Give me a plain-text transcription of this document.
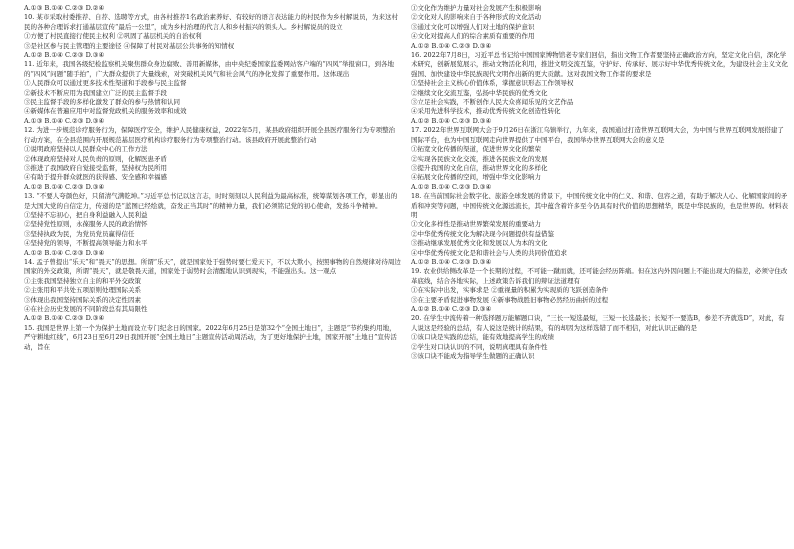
A.①③ B.①④ C.②③ D.②④

10. 某市采取村委推荐、自荐、选聘等方式，由各村推荐1名政治素养好、有较好的语言表达能力的村民作为乡村解说员，为来这村民的各种合理诉求打通基层宣传“最后一公里”，成为乡村治理的代言人和乡村振兴的领头人。乡村解说员的设立

①方便了村民直接行使民主权利 ②巩固了基层机关的自治权利

③是社区参与民主管理的主要途径 ④保障了村民对基层公共事务的知情权

A.①② B.①④ C.②③ D.③④

11. 近年来，我国各级纪检监察机关聚焦群众身边腐败、善用新媒体，由中央纪委国家监委网站客户端的“四风”举报窗口，到各地的“四风”问题“随手拍”，广大群众提供了大量线索，对突破机关风气和社会风气的净化发挥了重要作用。这体现出

①人民群众可以通过更多技术性渠道和手段参与民主监督

②新技术不断应用为我国建立广泛的民主监督手段

③民主监督手段的多样化激发了群众的参与热情和认同

④新媒体在普遍应用中对监督党政机关的服务效率和成效

A.①③ B.①④ C.②③ D.③④

12. 为进一步规范诊疗服务行为，保障医疗安全，维护人民健康权益，2022年5月，某县政府组织开展全县医疗服务行为专项整治行动方案，在全县范围内开展规范基层医疗机构诊疗服务行为专项整治行动。该县政府开展此整治行动

①说明政府坚持以人民群众中心的工作方法

②体现政府坚持对人民负责的原则，化解医患矛盾

③推进了我国政府自觉接受监督，坚持权为民所用

④有助于提升群众就医的获得感、安全感和幸福感

A.①② B.①④ C.②③ D.③④

13. “不要人夸颜色好，只留清气满乾坤。”习近平总书记以这言志，时时刻刻以人民利益为最高标准，统筹谋划各项工作，彰显出的是大国大党的自信定力，传递的是“蓝图已经绘就，奋发正当其时”的精神力量，我们必须铭记党的初心使命，发扬斗争精神。

①坚持不忘初心，把自身利益融入人民利益

②坚持党性原则，永葆服务人民的政治情怀

③坚持执政为民，为党员党员赢得信任

④坚持党的领导，不断提高领导能力和水平

A.①② B.①④ C.②③ D.③④

14. 孟子曾提出“乐天”和“畏天”的思想。所谓“乐天”，就是国家处于强势时要仁爱天下，不以大欺小，按照事物的自然规律对待周边国家的外交政策，所谓“畏天”，就是敬畏天道，国家处于弱势时会清醒地认识到现实，不能强出头。这一观点

①主张我国坚持独立自主的和平外交政策

②主张用和平共处五项原则处理国际关系

③体现出我国坚持国际关系的决定性因素

④在社会历史发展的不同阶段总有其局限性

A.①② B.①④ C.②③ D.③④

15. 我国是世界上第一个为保护土地而设立专门纪念日的国家。2022年6月25日是第32个“全国土地日”，主题是“节约集约用地，严守耕地红线”，6月23日至6月29日我国开展“全国土地日”主题宣传活动周活动，为了更好地保护土地，国家开展“土地日”宣传活动，旨在

①文化作为维护力量对社会发展产生积极影响

②文化对人的影响来自于各种形式的文化活动

③通过文化可以增强人们对土地的保护意识

④文化对提高人们的综合素质有重要的作用

A.①② B.①④ C.②③ D.③④

16. 2022年7月8日，习近平总书记给中国国家博物馆老专家们回信，指出文物工作者要坚持正确政治方向，坚定文化自信，深化学术研究，创新展览展示，推动文物活化利用，推进文明交流互鉴，守护好、传承好、展示好中华优秀传统文化，为建设社会主义文化强国、加快建设中华民族现代文明作出新的更大贡献。这对我国文物工作者的要求是

①坚持社会主义核心价值体系，掌握意识形态工作领导权

②继续文化交流互鉴，弘扬中华民族的优秀文化

③立足社会实践，不断创作人民大众喜闻乐见的文艺作品

④采用先进科学技术，推动优秀传统文化创造性转化

A.①② B.①④ C.②③ D.③④

17. 2022年世界互联网大会于9月26日在浙江乌镇举行，九年来，我国通过打造世界互联网大会，为中国与世界互联网发展搭建了国际平台，也为中国互联网走向世界提供了中国平台，我国举办世界互联网大会的意义是

①拓宽文化传播的渠道，促进世界文化的繁荣

②实现各民族文化交流，推进各民族文化的发展

③提升我国的文化自信，推动世界文化的多样化

④拓展文化传播的空间，增强中华文化影响力

A.①② B.①④ C.②③ D.③④

18. 在当前国际社会数字化、旅游全球发展的背景下，中国传统文化中的仁义、和谐、包容之道，有助于解决人心、化解国家间的矛盾和冲突等问题，中国传统文化源远流长，其中蕴含着许多至今仍具有时代价值的思想精华，既是中华民族的，也是世界的。材料表明

①文化多样性是推动世界繁荣发展的重要动力

②中华优秀传统文化为解决现今问题提供有益借鉴

③推动继承发展优秀文化和发展以人为本的文化

④中华优秀传统文化是和谐社会与人类的共同价值追求

A.①② B.①④ C.②③ D.③④

19. 农业供给侧改革是一个长期的过程，不可能一蹴而就，还可能会经历阵痛。但在这内外因问题上不能出现大的偏差，必须守住改革底线，结合各地实际，上述政策告诉我们的辩证法道理有

①在实际中出发，实事求是 ②重视量的积累为实现质的飞跃创造条件

③在主要矛盾促进事物发展 ④新事物战胜旧事物必然经历曲折的过程

A.①② B.①④ C.②③ D.③④

20. 在学生中流传着一种选择题万能解题口诀，“三长一短选最短，三短一长选最长；长短不一要选B，参差不齐就选D”，对此，有人说这是经验的总结，有人说这是统计的结果，有的却因为这样选错了而不相信，对此认识正确的是

①该口诀是实践的总结，能有效地提高学生的成绩

②学生对口诀认识的不同，说明真理具有条件性

③该口诀不能成为指导学生做题的正确认识
